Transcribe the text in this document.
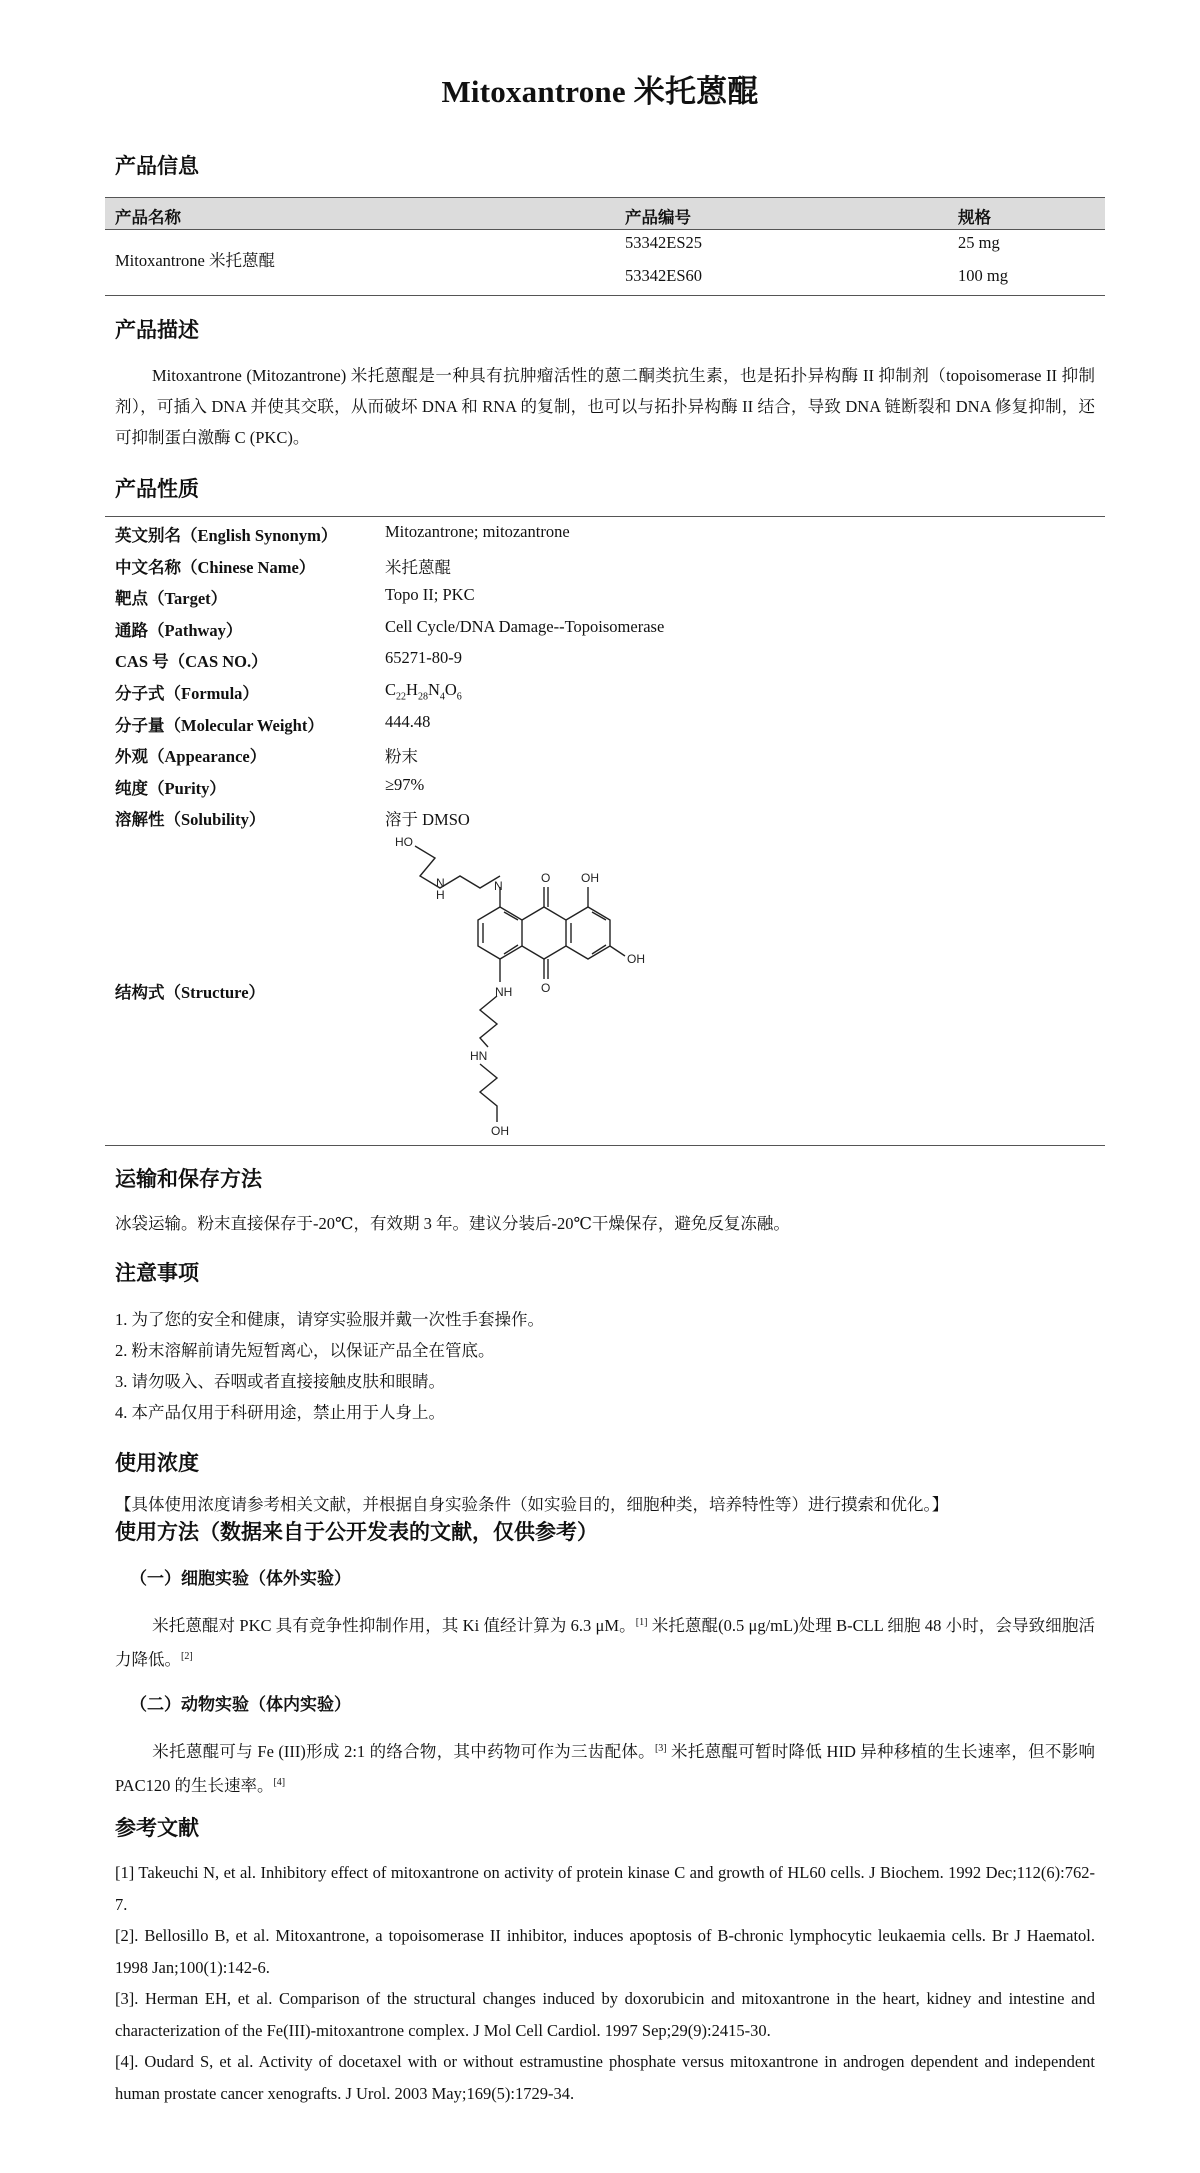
Mitoxantrone 米托蒽醌
产品信息
产品名称	产品编号	规格
Mitoxantrone 米托蒽醌
53342ES25	25 mg
53342ES60	100 mg
产品描述
Mitoxantrone (Mitozantrone) 米托蒽醌是一种具有抗肿瘤活性的蒽二酮类抗生素，也是拓扑异构酶 II 抑制剂（topoisomerase II 抑制剂），可插入 DNA 并使其交联，从而破坏 DNA 和 RNA 的复制，也可以与拓扑异构酶 II 结合，导致 DNA 链断裂和 DNA 修复抑制，还可抑制蛋白激酶 C (PKC)。
产品性质
英文别名（English Synonym）	Mitozantrone; mitozantrone
中文名称（Chinese Name）	米托蒽醌
靶点（Target）	Topo II; PKC
通路（Pathway）	Cell Cycle/DNA Damage--Topoisomerase
CAS 号（CAS NO.）	65271-80-9
分子式（Formula）	$C_{22}H_{28}N_4O_6$
分子量（Molecular Weight）	444.48
外观（Appearance）	粉末
纯度（Purity）	≥97%
溶解性（Solubility）	溶于 DMSO
结构式（Structure）
HO
N
H
N
O	OH
O
OH
NH
HN
OH
运输和保存方法
冰袋运输。粉末直接保存于-20℃，有效期 3 年。建议分装后-20℃干燥保存，避免反复冻融。
注意事项
1. 为了您的安全和健康，请穿实验服并戴一次性手套操作。
2. 粉末溶解前请先短暂离心，以保证产品全在管底。
3. 请勿吸入、吞咽或者直接接触皮肤和眼睛。
4. 本产品仅用于科研用途，禁止用于人身上。
使用浓度
【具体使用浓度请参考相关文献，并根据自身实验条件（如实验目的，细胞种类，培养特性等）进行摸索和优化。】
使用方法（数据来自于公开发表的文献，仅供参考）
（一）细胞实验（体外实验）
米托蒽醌对 PKC 具有竞争性抑制作用，其 Ki 值经计算为 6.3 μM。[1] 米托蒽醌(0.5 μg/mL)处理 B-CLL 细胞 48 小时，会导致细胞活力降低。[2]
（二）动物实验（体内实验）
米托蒽醌可与 Fe (III)形成 2:1 的络合物，其中药物可作为三齿配体。[3] 米托蒽醌可暂时降低 HID 异种移植的生长速率，但不影响 PAC120 的生长速率。[4]
参考文献
[1] Takeuchi N, et al. Inhibitory effect of mitoxantrone on activity of protein kinase C and growth of HL60 cells. J Biochem. 1992 Dec;112(6):762-7.
[2]. Bellosillo B, et al. Mitoxantrone, a topoisomerase II inhibitor, induces apoptosis of B-chronic lymphocytic leukaemia cells. Br J Haematol. 1998 Jan;100(1):142-6.
[3]. Herman EH, et al. Comparison of the structural changes induced by doxorubicin and mitoxantrone in the heart, kidney and intestine and characterization of the Fe(III)-mitoxantrone complex. J Mol Cell Cardiol. 1997 Sep;29(9):2415-30.
[4]. Oudard S, et al. Activity of docetaxel with or without estramustine phosphate versus mitoxantrone in androgen dependent and independent human prostate cancer xenografts. J Urol. 2003 May;169(5):1729-34.
